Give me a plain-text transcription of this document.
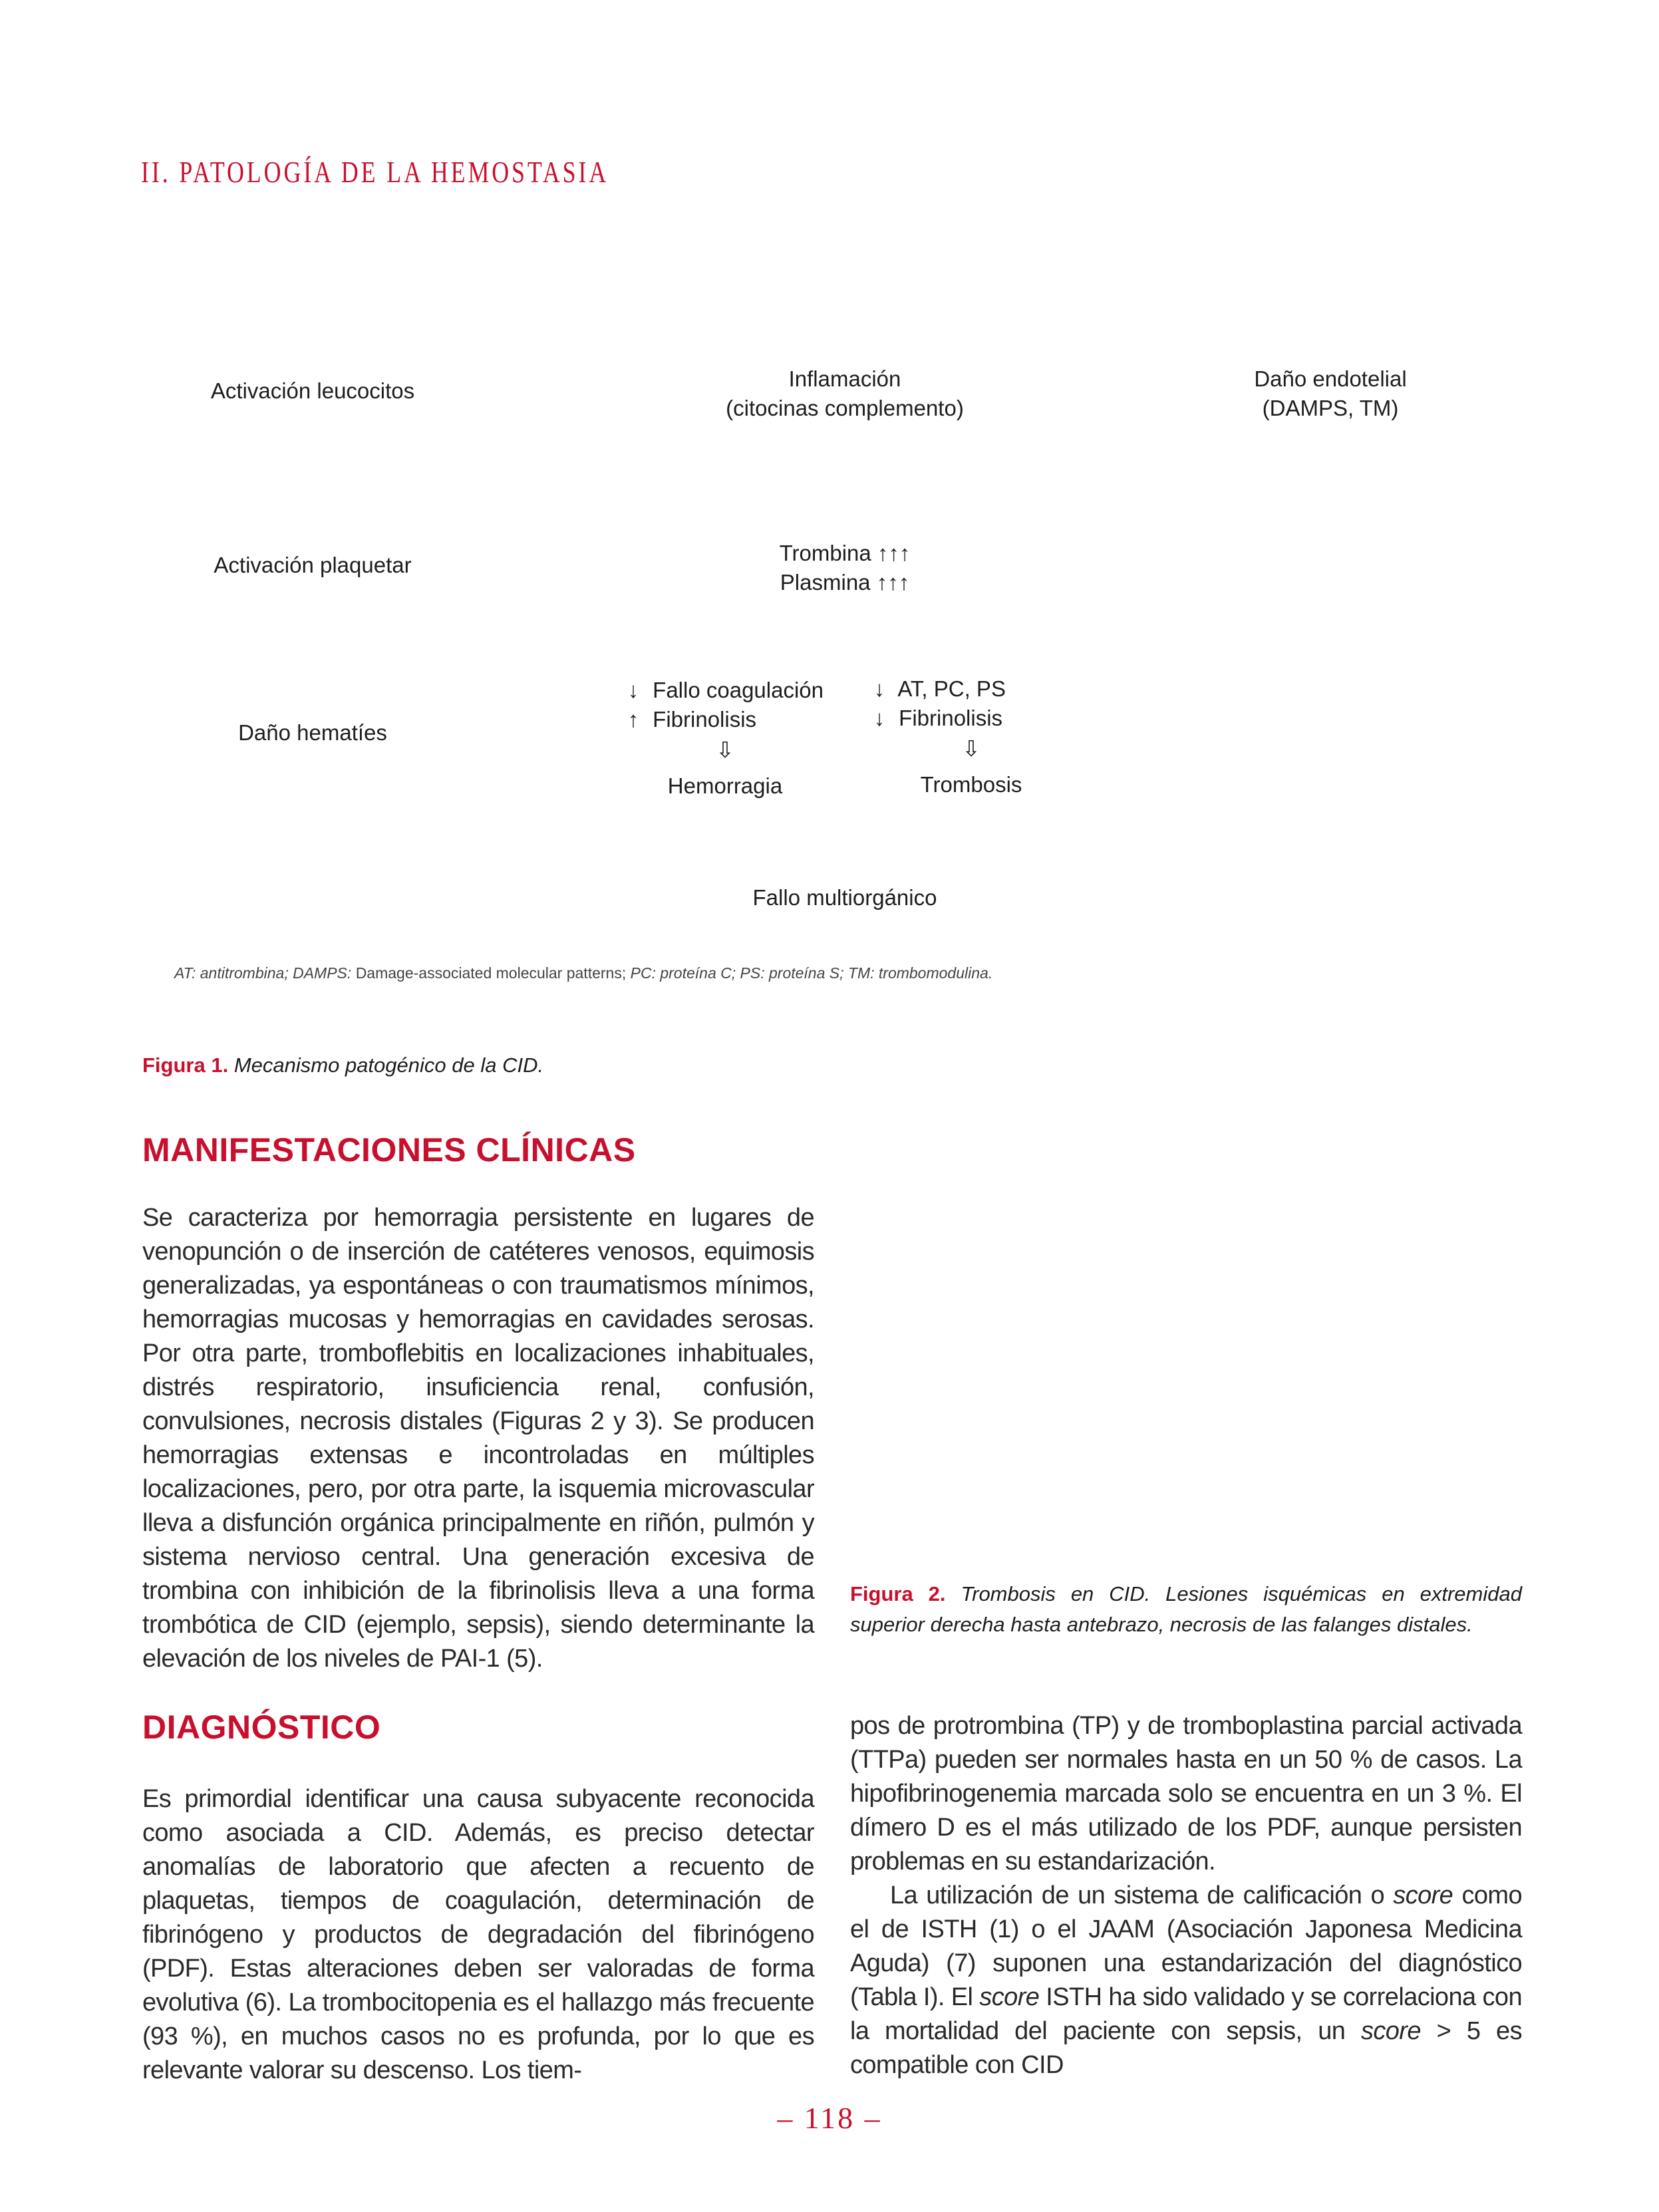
II. PATOLOGÍA DE LA HEMOSTASIA
Activación leucocitos	Inflamación
(citocinas complemento)
Daño endotelial
(DAMPS, TM)
Activación plaquetar	Trombina ↑↑↑
Plasmina ↑↑↑
Daño hematíes
↓ Fallo coagulación
↑ Fibrinolisis
⇩
Hemorragia
↓ AT, PC, PS
↓ Fibrinolisis
⇩
Trombosis
Fallo multiorgánico
AT: antitrombina; DAMPS: Damage-associated molecular patterns; PC: proteína C; PS: proteína S; TM: trombomodulina.
Figura 1. Mecanismo patogénico de la CID.
MANIFESTACIONES CLÍNICAS
Se caracteriza por hemorragia persistente en lugares de venopunción o de inserción de catéteres venosos, equimosis generalizadas, ya espontáneas o con traumatismos mínimos, hemorragias mucosas y hemorragias en cavidades serosas. Por otra parte, tromboflebitis en localizaciones inhabituales, distrés respiratorio, insuficiencia renal, confusión, convulsiones, necrosis distales (Figuras 2 y 3). Se producen hemorragias extensas e incontroladas en múltiples localizaciones, pero, por otra parte, la isquemia microvascular lleva a disfunción orgánica principalmente en riñón, pulmón y sistema nervioso central. Una generación excesiva de trombina con inhibición de la fibrinolisis lleva a una forma trombótica de CID (ejemplo, sepsis), siendo determinante la elevación de los niveles de PAI-1 (5).
Figura 2. Trombosis en CID. Lesiones isquémicas en extremidad superior derecha hasta antebrazo, necrosis de las falanges distales.
DIAGNÓSTICO
Es primordial identificar una causa subyacente reconocida como asociada a CID. Además, es preciso detectar anomalías de laboratorio que afecten a recuento de plaquetas, tiempos de coagulación, determinación de fibrinógeno y productos de degradación del fibrinógeno (PDF). Estas alteraciones deben ser valoradas de forma evolutiva (6). La trombocitopenia es el hallazgo más frecuente (93 %), en muchos casos no es profunda, por lo que es relevante valorar su descenso. Los tiem-
pos de protrombina (TP) y de tromboplastina parcial activada (TTPa) pueden ser normales hasta en un 50 % de casos. La hipofibrinogenemia marcada solo se encuentra en un 3 %. El dímero D es el más utilizado de los PDF, aunque persisten problemas en su estandarización.
La utilización de un sistema de calificación o score como el de ISTH (1) o el JAAM (Asociación Japonesa Medicina Aguda) (7) suponen una estandarización del diagnóstico (Tabla I). El score ISTH ha sido validado y se correlaciona con la mortalidad del paciente con sepsis, un score > 5 es compatible con CID
– 118 –
